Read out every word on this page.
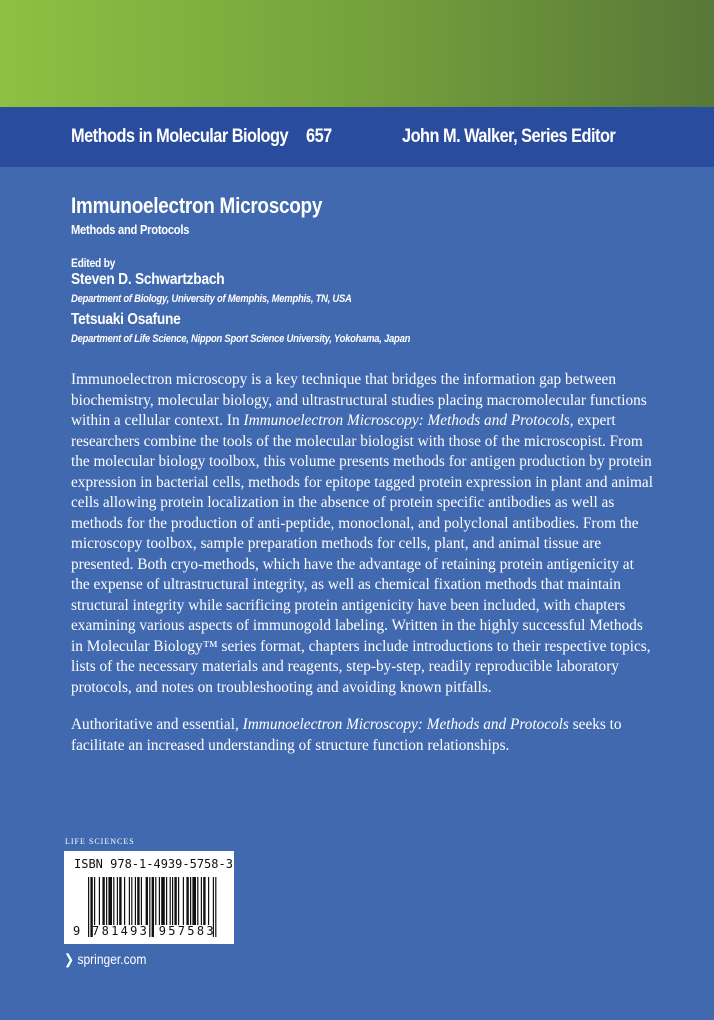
Methods in Molecular Biology 657	John M. Walker, Series Editor
Immunoelectron Microscopy
Methods and Protocols
Edited by
Steven D. Schwartzbach
Department of Biology, University of Memphis, Memphis, TN, USA
Tetsuaki Osafune
Department of Life Science, Nippon Sport Science University, Yokohama, Japan

Immunoelectron microscopy is a key technique that bridges the information gap between biochemistry, molecular biology, and ultrastructural studies placing macromolecular functions within a cellular context. In Immunoelectron Microscopy: Methods and Protocols, expert researchers combine the tools of the molecular biologist with those of the microscopist. From the molecular biology toolbox, this volume presents methods for antigen production by protein expression in bacterial cells, methods for epitope tagged protein expression in plant and animal cells allowing protein localization in the absence of protein specific antibodies as well as methods for the production of anti-peptide, monoclonal, and polyclonal antibodies. From the microscopy toolbox, sample preparation methods for cells, plant, and animal tissue are presented. Both cryo-methods, which have the advantage of retaining protein antigenicity at the expense of ultrastructural integrity, as well as chemical fixation methods that maintain structural integrity while sacrificing protein antigenicity have been included, with chapters examining various aspects of immunogold labeling. Written in the highly successful Methods in Molecular Biology™ series format, chapters include introductions to their respective topics, lists of the necessary materials and reagents, step-by-step, readily reproducible laboratory protocols, and notes on troubleshooting and avoiding known pitfalls.

Authoritative and essential, Immunoelectron Microscopy: Methods and Protocols seeks to facilitate an increased understanding of structure function relationships.

LIFE SCIENCES
ISBN 978-1-4939-5758-3
9 781493 957583
❯ springer.com
